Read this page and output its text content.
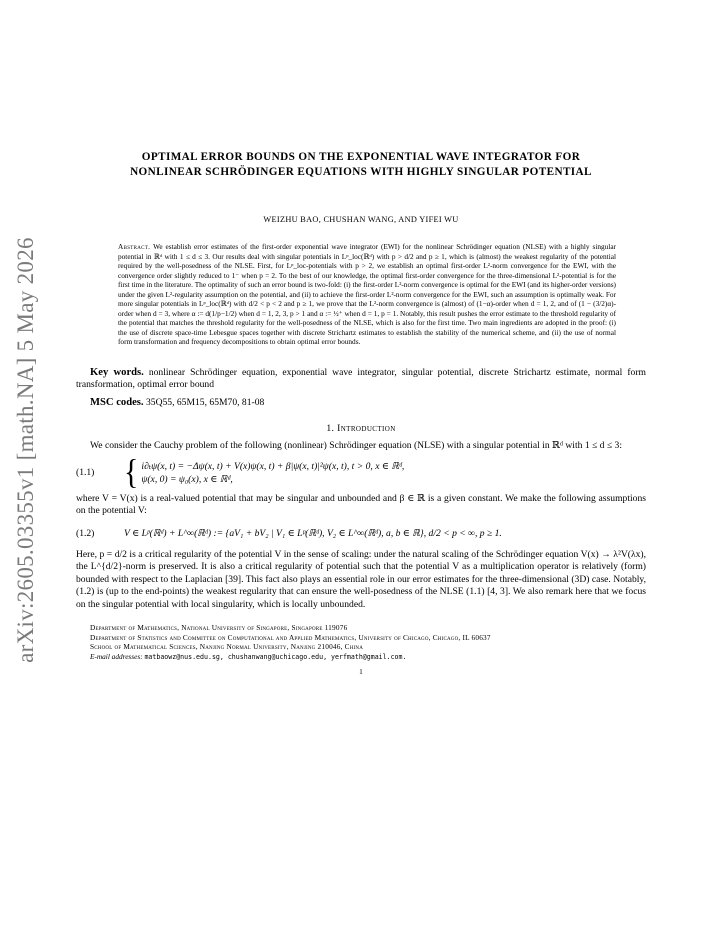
arXiv:2605.03355v1 [math.NA] 5 May 2026
OPTIMAL ERROR BOUNDS ON THE EXPONENTIAL WAVE INTEGRATOR FOR
NONLINEAR SCHRÖDINGER EQUATIONS WITH HIGHLY SINGULAR POTENTIAL
WEIZHU BAO, CHUSHAN WANG, AND YIFEI WU
Abstract. We establish error estimates of the first-order exponential wave integrator (EWI) for the nonlinear Schrödinger equation (NLSE) with a highly singular potential in ℝᵈ with 1 ≤ d ≤ 3. Our results deal with singular potentials in Lᵖ_loc(ℝᵈ) with p > d/2 and p ≥ 1, which is (almost) the weakest regularity of the potential required by the well-posedness of the NLSE. First, for Lᵖ_loc-potentials with p > 2, we establish an optimal first-order L²-norm convergence for the EWI, with the convergence order slightly reduced to 1⁻ when p = 2. To the best of our knowledge, the optimal first-order convergence for the three-dimensional L²-potential is for the first time in the literature. The optimality of such an error bound is two-fold: (i) the first-order L²-norm convergence is optimal for the EWI (and its higher-order versions) under the given L²-regularity assumption on the potential, and (ii) to achieve the first-order L²-norm convergence for the EWI, such an assumption is optimally weak. For more singular potentials in Lᵖ_loc(ℝᵈ) with d/2 < p < 2 and p ≥ 1, we prove that the L²-norm convergence is (almost) of (1−α)-order when d = 1, 2, and of (1 − (3/2)α)-order when d = 3, where α := d(1/p−1/2) when d = 1, 2, 3, p > 1 and α := ½⁺ when d = 1, p = 1. Notably, this result pushes the error estimate to the threshold regularity of the potential that matches the threshold regularity for the well-posedness of the NLSE, which is also for the first time. Two main ingredients are adopted in the proof: (i) the use of discrete space-time Lebesgue spaces together with discrete Strichartz estimates to establish the stability of the numerical scheme, and (ii) the use of normal form transformation and frequency decompositions to obtain optimal error bounds.
Key words. nonlinear Schrödinger equation, exponential wave integrator, singular potential, discrete Strichartz estimate, normal form transformation, optimal error bound
MSC codes. 35Q55, 65M15, 65M70, 81-08
1. Introduction
We consider the Cauchy problem of the following (nonlinear) Schrödinger equation (NLSE) with a singular potential in ℝᵈ with 1 ≤ d ≤ 3:
(1.1) { i∂ₜψ(x, t) = −Δψ(x, t) + V(x)ψ(x, t) + β|ψ(x, t)|²ψ(x, t), t > 0, x ∈ ℝᵈ,
ψ(x, 0) = ψ₀(x), x ∈ ℝᵈ,
where V = V(x) is a real-valued potential that may be singular and unbounded and β ∈ ℝ is a given constant. We make the following assumptions on the potential V:
(1.2)	V ∈ Lᵖ(ℝᵈ) + L^∞(ℝᵈ) := {aV₁ + bV₂ | V₁ ∈ Lᵖ(ℝᵈ), V₂ ∈ L^∞(ℝᵈ), a, b ∈ ℝ}, d/2 < p < ∞, p ≥ 1.
Here, p = d/2 is a critical regularity of the potential V in the sense of scaling: under the natural scaling of the Schrödinger equation V(x) → λ²V(λx), the L^{d/2}-norm is preserved. It is also a critical regularity of potential such that the potential V as a multiplication operator is relatively (form) bounded with respect to the Laplacian [39]. This fact also plays an essential role in our error estimates for the three-dimensional (3D) case. Notably, (1.2) is (up to the end-points) the weakest regularity that can ensure the well-posedness of the NLSE (1.1) [4, 3]. We also remark here that we focus on the singular potential with local singularity, which is locally unbounded.
Department of Mathematics, National University of Singapore, Singapore 119076
Department of Statistics and Committee on Computational and Applied Mathematics, University of Chicago, Chicago, IL 60637
School of Mathematical Sciences, Nanjing Normal University, Nanjing 210046, China
E-mail addresses: matbaowz@nus.edu.sg, chushanwang@uchicago.edu, yerfmath@gmail.com.
1
